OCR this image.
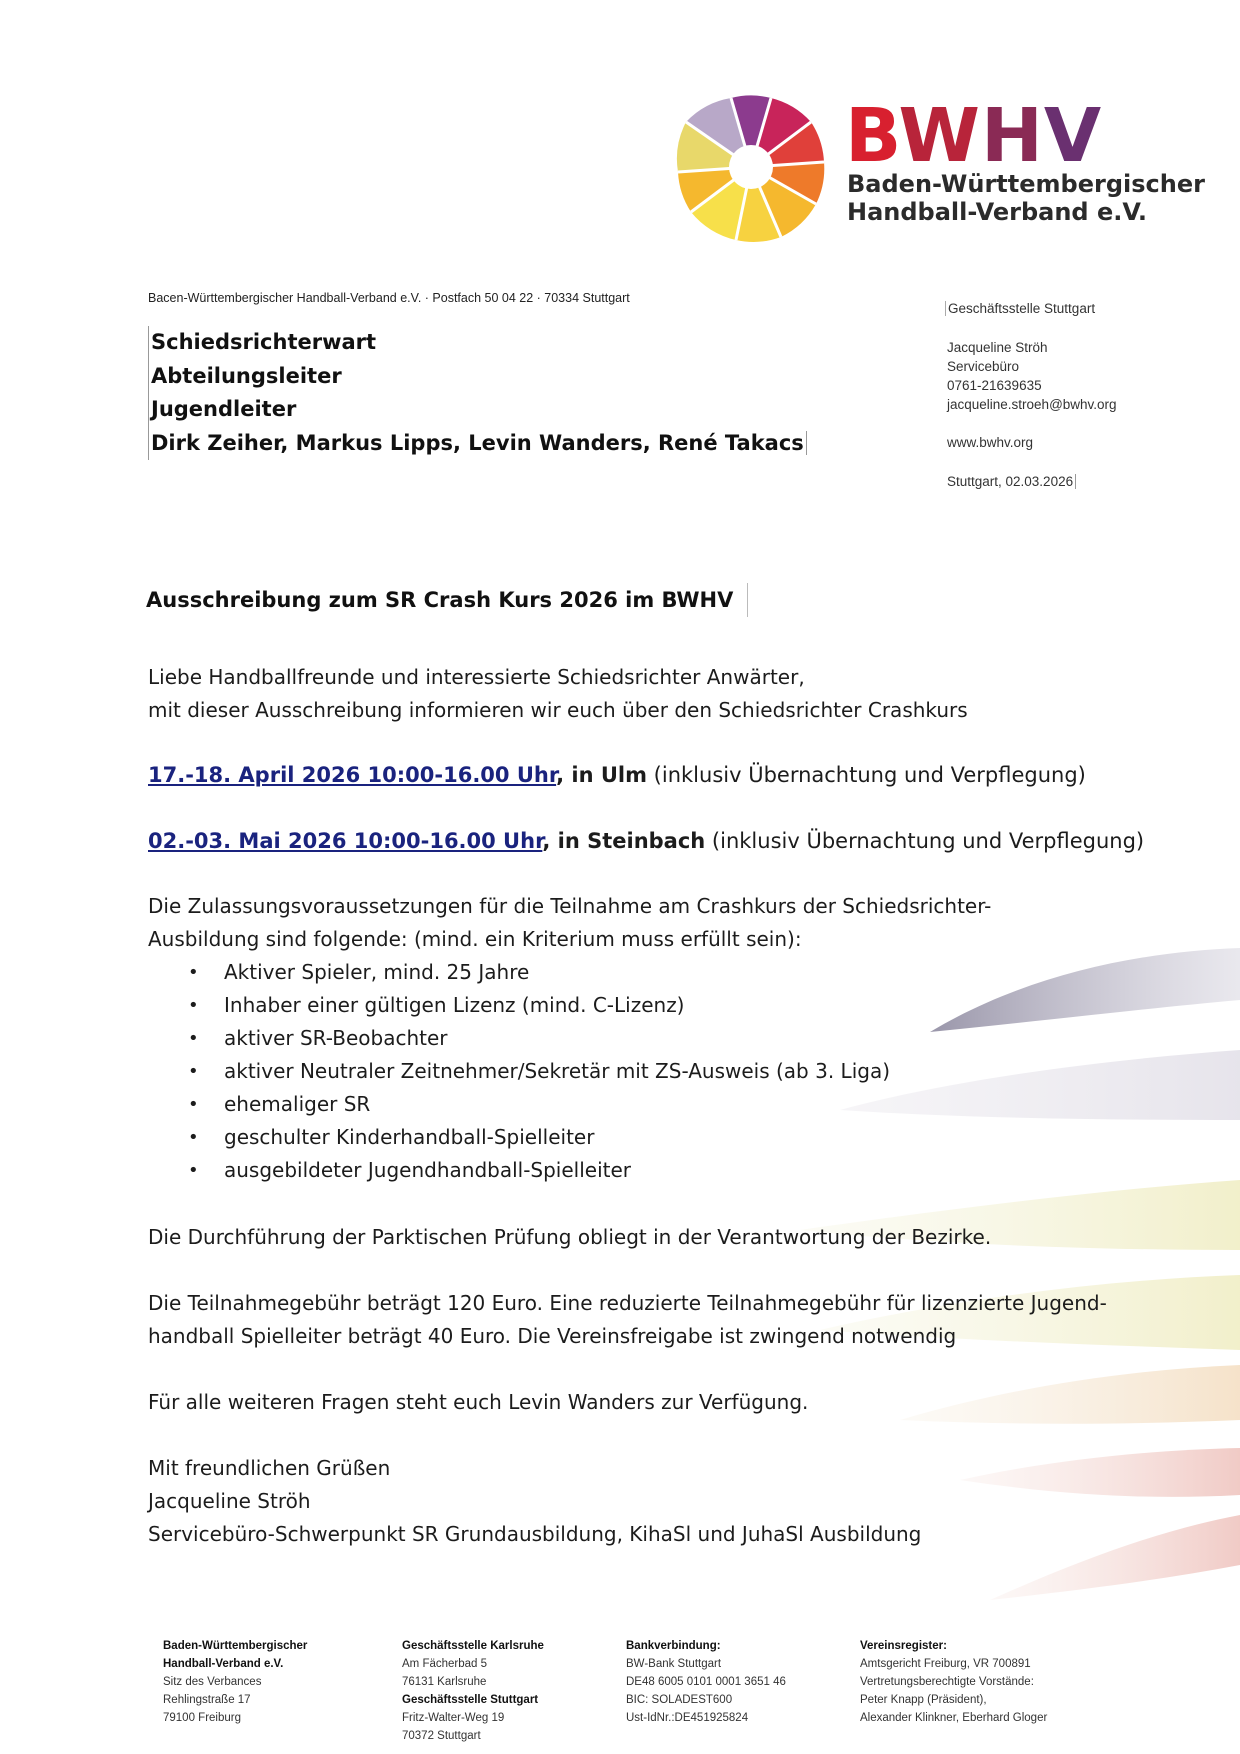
BWHV
Baden-Württembergischer
Handball-Verband e.V.
Bacen-Württembergischer Handball-Verband e.V. · Postfach 50 04 22 · 70334 Stuttgart
Schiedsrichterwart
Abteilungsleiter
Jugendleiter
Dirk Zeiher, Markus Lipps, Levin Wanders, René Takacs
Geschäftsstelle Stuttgart
Jacqueline Ströh
Servicebüro
0761-21639635
jacqueline.stroeh@bwhv.org
www.bwhv.org
Stuttgart, 02.03.2026
Ausschreibung zum SR Crash Kurs 2026 im BWHV
Liebe Handballfreunde und interessierte Schiedsrichter Anwärter,
mit dieser Ausschreibung informieren wir euch über den Schiedsrichter Crashkurs
17.-18. April 2026 10:00-16.00 Uhr, in Ulm (inklusiv Übernachtung und Verpflegung)
02.-03. Mai 2026 10:00-16.00 Uhr, in Steinbach (inklusiv Übernachtung und Verpflegung)
Die Zulassungsvoraussetzungen für die Teilnahme am Crashkurs der Schiedsrichter-Ausbildung sind folgende: (mind. ein Kriterium muss erfüllt sein):
• Aktiver Spieler, mind. 25 Jahre
• Inhaber einer gültigen Lizenz (mind. C-Lizenz)
• aktiver SR-Beobachter
• aktiver Neutraler Zeitnehmer/Sekretär mit ZS-Ausweis (ab 3. Liga)
• ehemaliger SR
• geschulter Kinderhandball-Spielleiter
• ausgebildeter Jugendhandball-Spielleiter
Die Durchführung der Parktischen Prüfung obliegt in der Verantwortung der Bezirke.
Die Teilnahmegebühr beträgt 120 Euro. Eine reduzierte Teilnahmegebühr für lizenzierte Jugend-
handball Spielleiter beträgt 40 Euro. Die Vereinsfreigabe ist zwingend notwendig
Für alle weiteren Fragen steht euch Levin Wanders zur Verfügung.
Mit freundlichen Grüßen
Jacqueline Ströh
Servicebüro-Schwerpunkt SR Grundausbildung, KihaSl und JuhaSl Ausbildung
Baden-Württembergischer
Handball-Verband e.V.
Sitz des Verbances
Rehlingstraße 17
79100 Freiburg
Geschäftsstelle Karlsruhe
Am Fächerbad 5
76131 Karlsruhe
Geschäftsstelle Stuttgart
Fritz-Walter-Weg 19
70372 Stuttgart
Bankverbindung:
BW-Bank Stuttgart
DE48 6005 0101 0001 3651 46
BIC: SOLADEST600
Ust-IdNr.:DE451925824
Vereinsregister:
Amtsgericht Freiburg, VR 700891
Vertretungsberechtigte Vorstände:
Peter Knapp (Präsident),
Alexander Klinkner, Eberhard Gloger
